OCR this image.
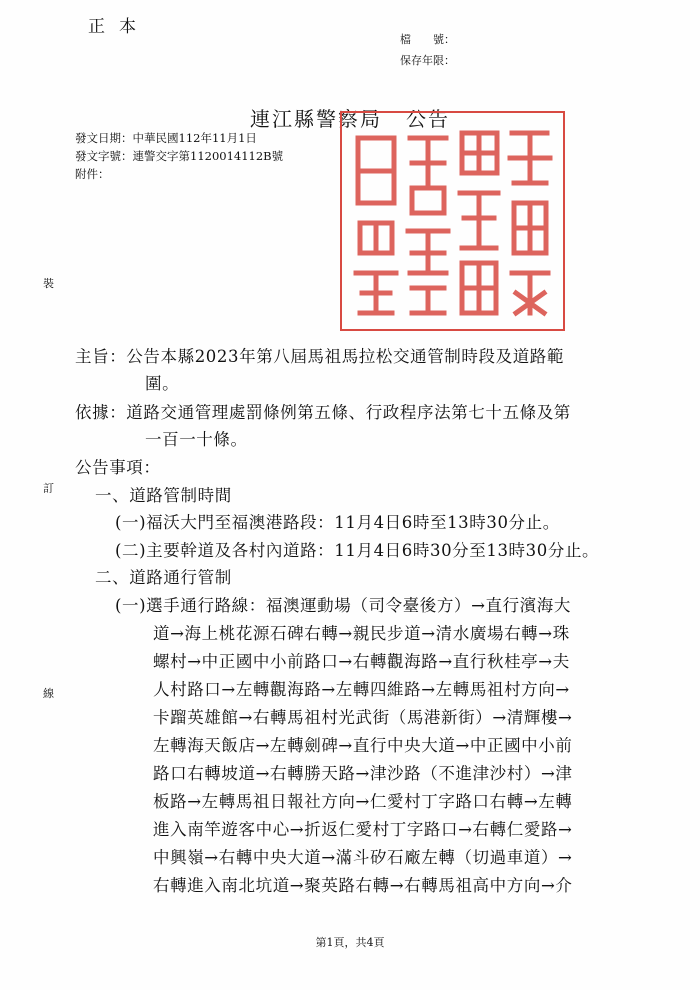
正本
檔　　號：
保存年限：
連江縣警察局 公告
發文日期：中華民國112年11月1日
發文字號：連警交字第1120014112B號
附件：
裝
訂
線
主旨：公告本縣2023年第八屆馬祖馬拉松交通管制時段及道路範
圍。
依據：道路交通管理處罰條例第五條、行政程序法第七十五條及第
一百一十條。
公告事項：
一、道路管制時間
(一)福沃大門至福澳港路段：11月4日6時至13時30分止。
(二)主要幹道及各村內道路：11月4日6時30分至13時30分止。
二、道路通行管制
(一)選手通行路線：福澳運動場（司令臺後方）→直行濱海大
道→海上桃花源石碑右轉→親民步道→清水廣場右轉→珠
螺村→中正國中小前路口→右轉觀海路→直行秋桂亭→夫
人村路口→左轉觀海路→左轉四維路→左轉馬祖村方向→
卡蹓英雄館→右轉馬祖村光武街（馬港新街）→清輝樓→
左轉海天飯店→左轉劍碑→直行中央大道→中正國中小前
路口右轉坡道→右轉勝天路→津沙路（不進津沙村）→津
板路→左轉馬祖日報社方向→仁愛村丁字路口右轉→左轉
進入南竿遊客中心→折返仁愛村丁字路口→右轉仁愛路→
中興嶺→右轉中央大道→滿斗矽石廠左轉（切過車道）→
右轉進入南北坑道→聚英路右轉→右轉馬祖高中方向→介
第1頁，共4頁
